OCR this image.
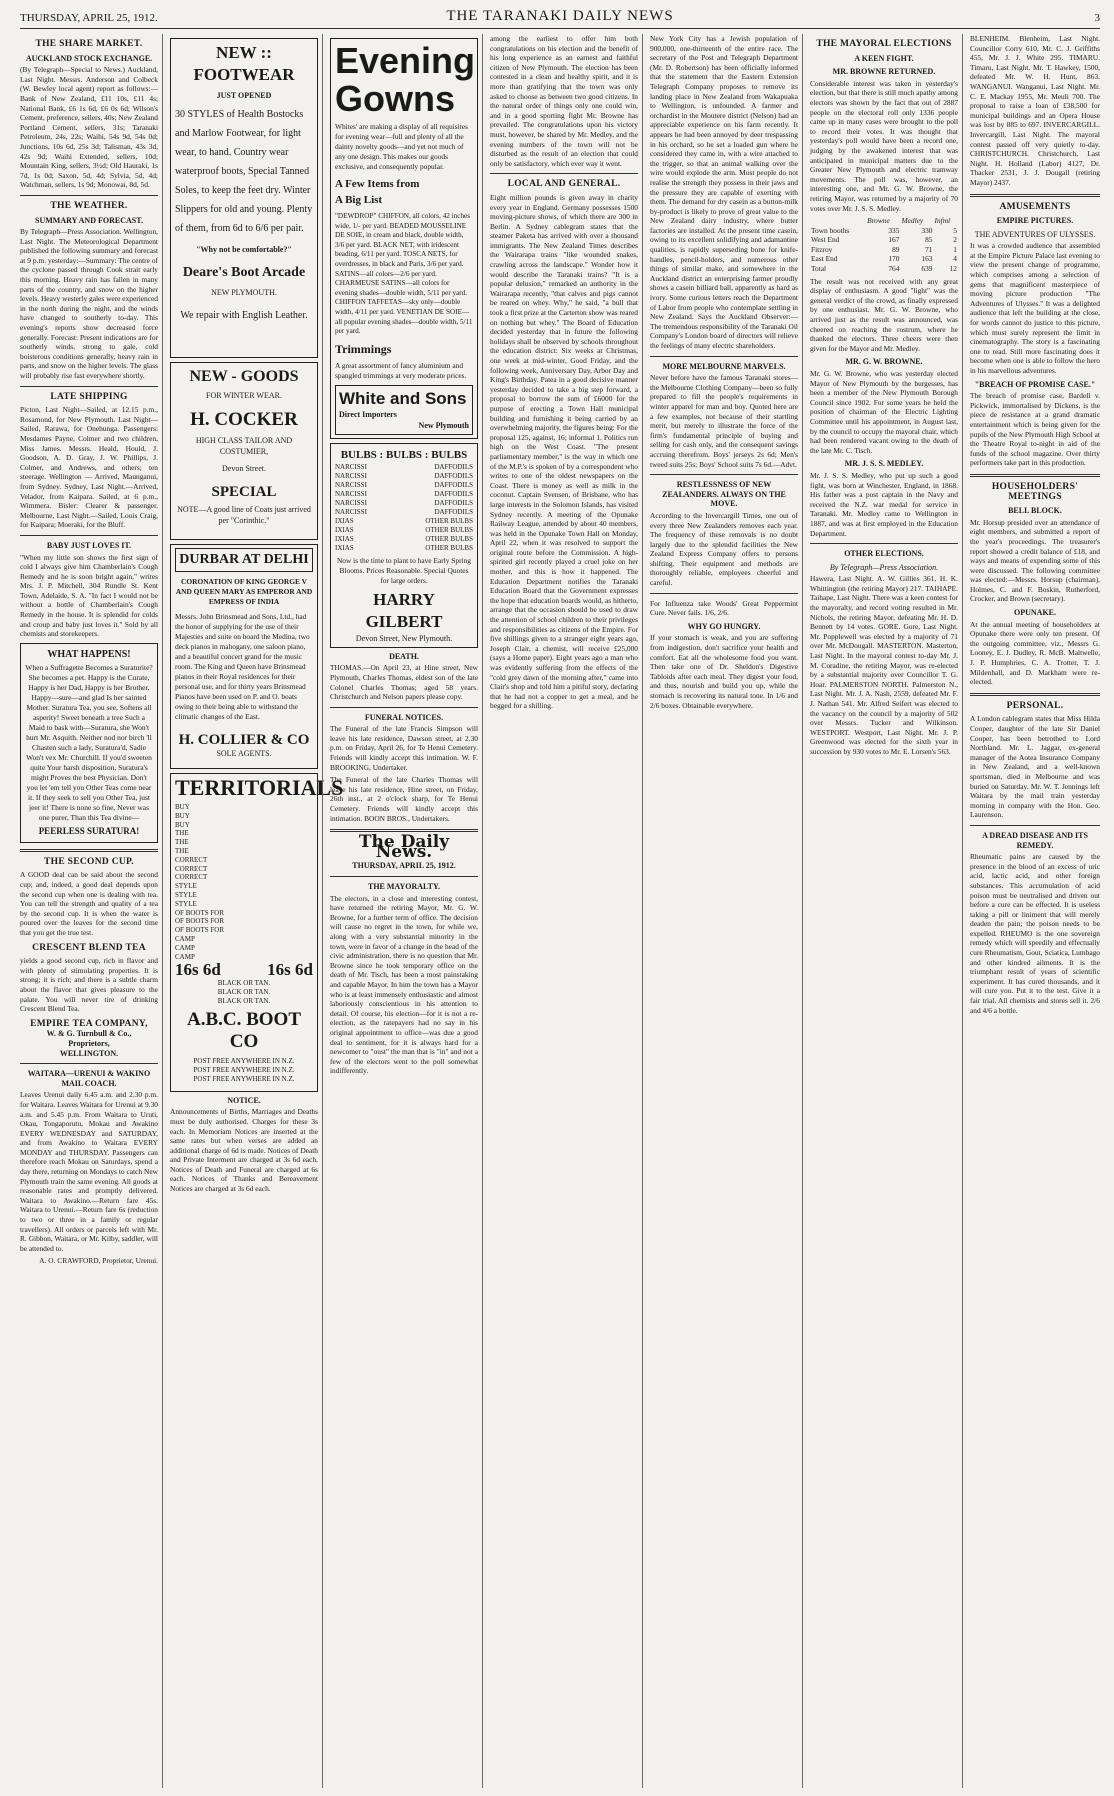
THURSDAY, APRIL 25, 1912.	THE TARANAKI DAILY NEWS	3
THE SHARE MARKET.
AUCKLAND STOCK EXCHANGE.

(By Telegraph—Special to News.) Auckland, Last Night. Messrs. Anderson and Colbeck (W. Bewley local agent) report as follows:—Bank of New Zealand, £11 10s, £11 4s; National Bank, £6 1s 6d, £6 0s 6d; Wilson's Cement, preference, sellers, 40s; New Zealand Portland Cement, sellers, 31s; Taranaki Petroleum, 24s, 22s; Waihi, 54s 9d, 54s 0d; Junctions, 10s 6d, 25s 3d; Talisman, 43s 3d, 42s 9d; Waihi Extended, sellers, 10d; Mountain King, sellers, 3½d; Old Hauraki, 1s 7d, 1s 0d; Saxon, 5d, 4d; Sylvia, 5d, 4d; Watchman, sellers, 1s 9d; Monowai, 8d, 5d.

THE WEATHER.
SUMMARY AND FORECAST.

By Telegraph—Press Association. Wellington, Last Night. The Meteorological Department published the following summary and forecast at 9 p.m. yesterday:—Summary: The centre of the cyclone passed through Cook strait early this morning. Heavy rain has fallen in many parts of the country, and snow on the higher levels. Heavy westerly gales were experienced in the north during the night, and the winds have changed to southerly to-day. This evening's reports show decreased force generally. Forecast: Present indications are for southerly winds, strong to gale, cold boisterous conditions generally, heavy rain in parts, and snow on the higher levels. The glass will probably rise fast everywhere shortly.

LATE SHIPPING

Picton, Last Night—Sailed, at 12.15 p.m., Rosamond, for New Plymouth. Last Night—Sailed, Rarawa, for Onehunga. Passengers: Mesdames Payne, Colmer and two children, Miss James. Messrs. Heald, Hould, J. Goodson, A. D. Gray, J. W. Phillips, J. Colmer, and Andrews, and others; ten steerage. Wellington — Arrived, Maunganui, from Sydney. Sydney, Last Night.—Arrived, Velador, from Kaipara. Sailed, at 6 p.m., Wimmera. Bisler: Clearer & passenger. Melbourne, Last Night.—Sailed, Louis Craig, for Kaipara; Moeraki, for the Bluff.

BABY JUST LOVES IT.

"When my little son shows the first sign of cold I always give him Chamberlain's Cough Remedy and he is soon bright again," writes Mrs. J. P. Mitchell, 304 Rundle St. Kent Town, Adelaide, S. A. "In fact I would not be without a bottle of Chamberlain's Cough Remedy in the house. It is splendid for colds and croup and baby just loves it." Sold by all chemists and storekeepers.

WHAT HAPPENS!
When a Suffragette Becomes a Suraturite? She becomes a pet. Happy is the Curate, Happy is her Dad, Happy is her Brother, Happy—sure—and glad Is her sainted Mother. Suratura Tea, you see, Softens all asperity! Sweet beneath a tree Such a Maid to bask with—Suratura, she Won't hurt Mr. Asquith. Neither nod nor birch 'll Chasten such a lady, Suratura'd, Sadie Won't vex Mr. Churchill. If you'd sweeten quite Your harsh disposition, Suratura's might Proves the best Physician. Don't you let 'em tell you Other Teas come near it. If they seek to sell you Other Tea, just jeer it! There is none so fine, Never was one purer, Than this Tea divine—
PEERLESS SURATURA!
THE SECOND CUP.

A GOOD deal can be said about the second cup; and, indeed, a good deal depends upon the second cup when one is dealing with tea. You can tell the strength and quality of a tea by the second cup. It is when the water is poured over the leaves for the second time that you get the true test.

CRESCENT BLEND TEA

yields a good second cup, rich in flavor and with plenty of stimulating properties. It is strong; it is rich; and there is a subtle charm about the flavor that gives pleasure to the palate. You will never tire of drinking Crescent Blend Tea.

EMPIRE TEA COMPANY,
W. & G. Turnbull & Co.,
Proprietors,
WELLINGTON.
WAITARA—URENUI & WAKINO MAIL COACH.

Leaves Urenui daily 6.45 a.m. and 2.30 p.m. for Waitara. Leaves Waitara for Urenui at 9.30 a.m. and 5.45 p.m. From Waitara to Uruti, Okau, Tongaporutu, Mokau and Awakino EVERY WEDNESDAY and SATURDAY, and from Awakino to Waitara EVERY MONDAY and THURSDAY. Passengers can therefore reach Mokau on Saturdays, spend a day there, returning on Mondays to catch New Plymouth train the same evening. All goods at reasonable rates and promptly delivered. Waitara to Awakino.—Return fare 45s. Waitara to Urenui.—Return fare 6s (reduction to two or three in a family or regular travellers). All orders or parcels left with Mr. R. Gibbon, Waitara, or Mr. Kilby, saddler, will be attended to.

A. O. CRAWFORD, Proprietor, Urenui.

NEW :: FOOTWEAR
JUST OPENED
30 STYLES of Health Bostocks and Marlow Footwear, for light wear, to hand. Country wear waterproof boots, Special Tanned Soles, to keep the feet dry. Winter Slippers for old and young. Plenty of them, from 6d to 6/6 per pair.
"Why not be comfortable?"
Deare's Boot Arcade
NEW PLYMOUTH.
We repair with English Leather.
NEW - GOODS
FOR WINTER WEAR.
H. COCKER
HIGH CLASS TAILOR AND COSTUMIER,
Devon Street.
SPECIAL
NOTE—A good line of Coats just arrived per "Corinthic."
DURBAR AT DELHI
CORONATION OF KING GEORGE V AND QUEEN MARY AS EMPEROR AND EMPRESS OF INDIA
Messrs. John Brinsmead and Sons, Ltd., had the honor of supplying for the use of their Majesties and suite on board the Medina, two deck pianos in mahogany, one saloon piano, and a beautiful concert grand for the music room. The King and Queen have Brinsmead pianos in their Royal residences for their personal use, and for thirty years Brinsmead Pianos have been used on P. and O. boats owing to their being able to withstand the climatic changes of the East.
H. COLLIER & CO
SOLE AGENTS.
TERRITORIALS
BUY
BUY
BUY
THE
THE
THE
CORRECT
CORRECT
CORRECT
STYLE
STYLE
STYLE
OF BOOTS FOR
OF BOOTS FOR
OF BOOTS FOR
CAMP
CAMP
CAMP
16s 6d	16s 6d
BLACK OR TAN.
BLACK OR TAN.
BLACK OR TAN.
A.B.C. BOOT CO
POST FREE ANYWHERE IN N.Z.
POST FREE ANYWHERE IN N.Z.
POST FREE ANYWHERE IN N.Z.
NOTICE.

Announcements of Births, Marriages and Deaths must be duly authorised. Charges for these 3s each. In Memoriam Notices are inserted at the same rates but when verses are added an additional charge of 6d is made. Notices of Death and Private Interment are charged at 3s 6d each. Notices of Death and Funeral are charged at 6s each. Notices of Thanks and Bereavement Notices are charged at 3s 6d each.

Evening
Gowns
Whites' are making a display of all requisites for evening wear—full and plenty of all the dainty novelty goods—and yet not much of any one design. This makes our goods exclusive, and consequently popular.
A Few Items from
A Big List
"DEWDROP" CHIFFON, all colors, 42 inches wide, 1/- per yard. BEADED MOUSSELINE DE SOIE, in cream and black, double width, 3/6 per yard. BLACK NET, with iridescent beading, 6/11 per yard. TOSCA NETS, for overdresses, in black and Paris, 3/6 per yard. SATINS—all colors—2/6 per yard. CHARMEUSE SATINS—all colors for evening shades—double width, 5/11 per yard. CHIFFON TAFFETAS—sky only—double width, 4/11 per yard. VENETIAN DE SOIE—all popular evening shades—double width, 5/11 per yard.
Trimmings
A great assortment of fancy aluminium and spangled trimmings at very moderate prices.
White and Sons
Direct Importers
New Plymouth
BULBS : BULBS : BULBS
NARCISSI
NARCISSI
NARCISSI
NARCISSI
NARCISSI
NARCISSI
IXIAS
IXIAS
IXIAS
IXIAS
DAFFODILS
DAFFODILS
DAFFODILS
DAFFODILS
DAFFODILS
DAFFODILS
OTHER BULBS
OTHER BULBS
OTHER BULBS
OTHER BULBS
Now is the time to plant to have Early Spring Blooms. Prices Reasonable. Special Quotes for large orders.
HARRY GILBERT
Devon Street, New Plymouth.
DEATH.

THOMAS.—On April 23, at Hine street, New Plymouth, Charles Thomas, eldest son of the late Colonel Charles Thomas; aged 58 years. Christchurch and Nelson papers please copy.

FUNERAL NOTICES.

The Funeral of the late Francis Simpson will leave his late residence, Dawson street, at 2.30 p.m. on Friday, April 26, for Te Henui Cemetery. Friends will kindly accept this intimation. W. F. BROOKING, Undertaker.

The Funeral of the late Charles Thomas will leave his late residence, Hine street, on Friday, 26th inst., at 2 o'clock sharp, for Te Henui Cemetery. Friends will kindly accept this intimation. BOON BROS., Undertakers.

The Daily News.
THURSDAY, APRIL 25, 1912.
THE MAYORALTY.

The electors, in a close and interesting contest, have returned the retiring Mayor, Mr. G. W. Browne, for a further term of office. The decision will cause no regret in the town, for while we, along with a very substantial minority in the town, were in favor of a change in the head of the civic administration, there is no question that Mr. Browne since he took temporary office on the death of Mr. Tisch, has been a most painstaking and capable Mayor. In him the town has a Mayor who is at least immensely enthusiastic and almost laboriously conscientious in his attention to detail. Of course, his election—for it is not a re-election, as the ratepayers had no say in his original appointment to office—was due a good deal to sentiment, for it is always hard for a newcomer to "oust" the man that is "in" and not a few of the electors went to the poll somewhat indifferently.

among the earliest to offer him both congratulations on his election and the benefit of his long experience as an earnest and faithful citizen of New Plymouth. The election has been contested in a clean and healthy spirit, and it is more than gratifying that the town was only asked to choose as between two good citizens. In the natural order of things only one could win, and in a good sporting fight Mr. Browne has prevailed. The congratulations upon his victory must, however, be shared by Mr. Medley, and the evening numbers of the town will not be disturbed as the result of an election that could only be satisfactory, which ever way it went.

LOCAL AND GENERAL.

Eight million pounds is given away in charity every year in England. Germany possesses 1500 moving-picture shows, of which there are 300 in Berlin. A Sydney cablegram states that the steamer Paketa has arrived with over a thousand immigrants. The New Zealand Times describes the Wairarapa trains "like wounded snakes, crawling across the landscape." Wonder how it would describe the Taranaki trains? "It is a popular delusion," remarked an authority in the Wairarapa recently, "that calves and pigs cannot be reared on whey. Why," he said, "a bull that took a first prize at the Carterton show was reared on nothing but whey." The Board of Education decided yesterday that in future the following holidays shall be observed by schools throughout the education district: Six weeks at Christmas, one week at mid-winter, Good Friday, and the following week, Anniversary Day, Arbor Day and King's Birthday. Patea in a good decisive manner yesterday decided to take a big step forward, a proposal to borrow the sum of £6000 for the purpose of erecting a Town Hall municipal building and furnishing it being carried by an overwhelming majority, the figures being: For the proposal 125, against, 16; informal 1. Politics run high on the West Coast. "The present parliamentary member," is the way in which one of the M.P.'s is spoken of by a correspondent who writes to one of the oldest newspapers on the Coast. There is money as well as milk in the coconut. Captain Svensen, of Brisbane, who has large interests in the Solomon Islands, has visited Sydney recently. A meeting of the Opunake Railway League, attended by about 40 members, was held in the Opunake Town Hall on Monday, April 22, when it was resolved to support the original route before the Commission. A high-spirited girl recently played a cruel joke on her mother, and this is how it happened. The Education Department notifies the Taranaki Education Board that the Government expresses the hope that education boards would, as hitherto, arrange that the occasion should be used to draw the attention of school children to their privileges and responsibilities as citizens of the Empire. For five shillings given to a stranger eight years ago, Joseph Clair, a chemist, will receive £25,000 (says a Home paper). Eight years ago a man who was evidently suffering from the effects of the "cold grey dawn of the morning after," came into Clair's shop and told him a pitiful story, declaring that he had not a copper to get a meal, and he begged for a shilling.

New York City has a Jewish population of 900,000, one-thirteenth of the entire race. The secretary of the Post and Telegraph Department (Mr. D. Robertson) has been officially informed that the statement that the Eastern Extension Telegraph Company proposes to remove its landing place in New Zealand from Wakapuaka to Wellington, is unfounded. A farmer and orchardist in the Moutere district (Nelson) had an appreciable experience on his farm recently. It appears he had been annoyed by deer trespassing in his orchard, so he set a loaded gun where he considered they came in, with a wire attached to the trigger, so that an animal walking over the wire would explode the arm. Most people do not realise the strength they possess in their jaws and the pressure they are capable of exerting with them. The demand for dry casein as a button-milk by-product is likely to prove of great value to the New Zealand dairy industry, where butter factories are installed. At the present time casein, owing to its excellent solidifying and adamantine qualities, is rapidly superseding bone for knife-handles, pencil-holders, and numerous other things of similar make, and somewhere in the Auckland district an enterprising farmer proudly shows a casein billiard ball, apparently as hard as ivory. Some curious letters reach the Department of Labor from people who contemplate settling in New Zealand. Says the Auckland Observer:—The tremendous responsibility of the Taranaki Oil Company's London board of directors will relieve the feelings of many electric shareholders.

MORE MELBOURNE MARVELS.

Never before have the famous Taranaki stores—the Melbourne Clothing Company—been so fully prepared to fill the people's requirements in winter apparel for man and boy. Quoted here are a few examples, not because of their startling merit, but merely to illustrate the force of the firm's fundamental principle of buying and selling for cash only, and the consequent savings accruing therefrom. Boys' jerseys 2s 6d; Men's tweed suits 25s; Boys' School suits 7s 6d.—Advt.

RESTLESSNESS OF NEW ZEALANDERS. ALWAYS ON THE MOVE.

According to the Invercargill Times, one out of every three New Zealanders removes each year. The frequency of these removals is no doubt largely due to the splendid facilities the New Zealand Express Company offers to persons shifting. Their equipment and methods are thoroughly reliable, employees cheerful and careful.

For Influenza take Woods' Great Peppermint Cure. Never fails. 1/6, 2/6.

WHY GO HUNGRY.

If your stomach is weak, and you are suffering from indigestion, don't sacrifice your health and comfort. Eat all the wholesome food you want. Then take one of Dr. Sheldon's Digestive Tabloids after each meal. They digest your food, and thus, nourish and build you up, while the stomach is recovering its natural tone. In 1/6 and 2/6 boxes. Obtainable everywhere.

THE MAYORAL ELECTIONS
A KEEN FIGHT.
MR. BROWNE RETURNED.

Considerable interest was taken in yesterday's election, but that there is still much apathy among electors was shown by the fact that out of 2887 people on the electoral roll only 1336 people came up in many cases were brought to the poll to record their votes. It was thought that yesterday's poll would have been a record one, judging by the awakened interest that was anticipated in municipal matters due to the Greater New Plymouth and electric tramway movements. The poll was, however, an interesting one, and Mr. G. W. Browne, the retiring Mayor, was returned by a majority of 70 votes over Mr. J. S. S. Medley.

	Browne	Medley	Infml
Town booths	335	330	5
West End	167	85	2
Fitzroy	89	71	1
East End	170	163	4
Total	764	639	12

The result was not received with any great display of enthusiasm. A good "light" was the general verdict of the crowd, as finally expressed by one enthusiast. Mr. G. W. Browne, who arrived just as the result was announced, was cheered on reaching the rostrum, where he thanked the electors. Three cheers were then given for the Mayor and Mr. Medley.

MR. G. W. BROWNE.

Mr. G. W. Browne, who was yesterday elected Mayor of New Plymouth by the burgesses, has been a member of the New Plymouth Borough Council since 1902. For some years he held the position of chairman of the Electric Lighting Committee until his appointment, in August last, by the council to occupy the mayoral chair, which had been rendered vacant owing to the death of the late Mr. C. Tisch.

MR. J. S. S. MEDLEY.

Mr. J. S. S. Medley, who put up such a good fight, was born at Winchester, England, in 1868. His father was a post captain in the Navy and received the N.Z. war medal for service in Taranaki. Mr. Medley came to Wellington in 1887, and was at first employed in the Education Department.

OTHER ELECTIONS.
By Telegraph—Press Association.

Hawera, Last Night. A. W. Gillies 361, H. K. Whittington (the retiring Mayor) 217. TAIHAPE. Taihape, Last Night. There was a keen contest for the mayoralty, and record voting resulted in Mr. Nichols, the retiring Mayor, defeating Mr. H. D. Bennett by 14 votes. GORE. Gore, Last Night. Mr. Popplewell was elected by a majority of 71 over Mr. McDougall. MASTERTON. Masterton, Last Night. In the mayoral contest to-day Mr. J. M. Coradine, the retiring Mayor, was re-elected by a substantial majority over Councillor T. G. Hoar. PALMERSTON NORTH. Palmerston N., Last Night. Mr. J. A. Nash, 2559, defeated Mr. F. J. Nathan 541. Mr. Alfred Seifert was elected to the vacancy on the council by a majority of 502 over Messrs. Tucker and Wilkinson. WESTPORT. Westport, Last Night. Mr. J. P. Greenwood was elected for the sixth year in succession by 930 votes to Mr. E. Lorsen's 563.

BLENHEIM. Blenheim, Last Night. Councillor Corry 610, Mr. C. J. Griffiths 455, Mr. J. J. White 295. TIMARU. Timaru, Last Night. Mr. T. Hawkey, 1500, defeated Mr. W. H. Hunt, 863. WANGANUI. Wanganui, Last Night. Mr. C. E. Mackay 1955, Mr. Meuli 700. The proposal to raise a loan of £38,500 for municipal buildings and an Opera House was lost by 885 to 697. INVERCARGILL. Invercargill, Last Night. The mayoral contest passed off very quietly to-day. CHRISTCHURCH. Christchurch, Last Night. H. Holland (Labor) 4127, Dr. Thacker 2531, J. J. Dougall (retiring Mayor) 2437.

AMUSEMENTS
EMPIRE PICTURES.
THE ADVENTURES OF ULYSSES.

It was a crowded audience that assembled at the Empire Picture Palace last evening to view the present change of programme, which comprises among a selection of gems that magnificent masterpiece of moving picture production "The Adventures of Ulysses." It was a delighted audience that left the building at the close, for words cannot do justice to this picture, which must surely represent the limit in cinematography. The story is a fascinating one to read. Still more fascinating does it become when one is able to follow the hero in his marvellous adventures.

"BREACH OF PROMISE CASE."

The breach of promise case, Bardell v. Pickwick, immortalised by Dickens, is the piece de resistance at a grand dramatic entertainment which is being given for the pupils of the New Plymouth High School at the Theatre Royal to-night in aid of the funds of the school magazine. Over thirty performers take part in this production.

HOUSEHOLDERS' MEETINGS
BELL BLOCK.

Mr. Horsup presided over an attendance of eight members, and submitted a report of the year's proceedings. The treasurer's report showed a credit balance of £18, and ways and means of expending some of this were discussed. The following committee was elected:—Messrs. Horsup (chairman), Holmes, C. and F. Boskin, Rutherford, Crocker, and Brown (secretary).

OPUNAKE.

At the annual meeting of householders at Opunake there were only ten present. Of the outgoing committee, viz., Messrs G. Looney, E. J. Dudley, R. McB. Maltwelle, J. P. Humphries, C. A. Trotter, T. J. Mildenhall, and D. Markham were re-elected.

PERSONAL.

A London cablegram states that Miss Hilda Cooper, daughter of the late Sir Daniel Cooper, has been betrothed to Lord Northland. Mr. L. Jaggar, ex-general manager of the Aotea Insurance Company in New Zealand, and a well-known sportsman, died in Melbourne and was buried on Saturday. Mr. W. T. Jennings left Waitara by the mail train yesterday morning in company with the Hon. Geo. Laurenson.

A DREAD DISEASE AND ITS REMEDY.

Rheumatic pains are caused by the presence in the blood of an excess of uric acid, lactic acid, and other foreign substances. This accumulation of acid poison must be neutralised and driven out before a cure can be effected. It is useless taking a pill or liniment that will merely deaden the pain; the poison needs to be expelled. RHEUMO is the one sovereign remedy which will speedily and effectually cure Rheumatism, Gout, Sciatica, Lumbago and other kindred ailments. It is the triumphant result of years of scientific experiment. It has cured thousands, and it will cure you. Put it to the test. Give it a fair trial. All chemists and stores sell it. 2/6 and 4/6 a bottle.
